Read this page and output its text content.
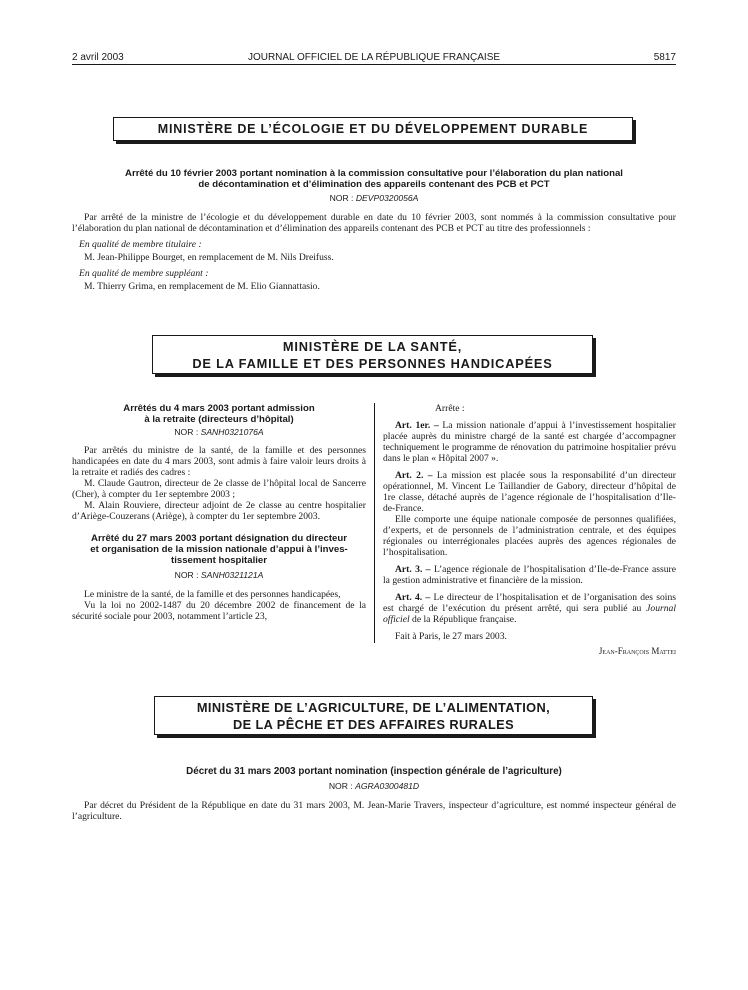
2 avril 2003	JOURNAL OFFICIEL DE LA RÉPUBLIQUE FRANÇAISE	5817
MINISTÈRE DE L’ÉCOLOGIE ET DU DÉVELOPPEMENT DURABLE
Arrêté du 10 février 2003 portant nomination à la commission consultative pour l’élaboration du plan national
de décontamination et d’élimination des appareils contenant des PCB et PCT
NOR : DEVP0320056A

Par arrêté de la ministre de l’écologie et du développement durable en date du 10 février 2003, sont nommés à la commission consultative pour l’élaboration du plan national de décontamination et d’élimination des appareils contenant des PCB et PCT au titre des professionnels :

En qualité de membre titulaire :

M. Jean-Philippe Bourget, en remplacement de M. Nils Dreifuss.

En qualité de membre suppléant :

M. Thierry Grima, en remplacement de M. Elio Giannattasio.

MINISTÈRE DE LA SANTÉ,
DE LA FAMILLE ET DES PERSONNES HANDICAPÉES
Arrêtés du 4 mars 2003 portant admission
à la retraite (directeurs d’hôpital)
NOR : SANH0321076A

Par arrêtés du ministre de la santé, de la famille et des personnes handicapées en date du 4 mars 2003, sont admis à faire valoir leurs droits à la retraite et radiés des cadres :

M. Claude Gautron, directeur de 2e classe de l’hôpital local de Sancerre (Cher), à compter du 1er septembre 2003 ;

M. Alain Rouviere, directeur adjoint de 2e classe au centre hospitalier d’Ariège-Couzerans (Ariège), à compter du 1er septembre 2003.

Arrêté du 27 mars 2003 portant désignation du directeur
et organisation de la mission nationale d’appui à l’inves-
tissement hospitalier
NOR : SANH0321121A

Le ministre de la santé, de la famille et des personnes handicapées,

Vu la loi no 2002-1487 du 20 décembre 2002 de financement de la sécurité sociale pour 2003, notamment l’article 23,

Arrête :

Art. 1er. – La mission nationale d’appui à l’investissement hospitalier placée auprès du ministre chargé de la santé est chargée d’accompagner techniquement le programme de rénovation du patrimoine hospitalier prévu dans le plan « Hôpital 2007 ».

Art. 2. – La mission est placée sous la responsabilité d’un directeur opérationnel, M. Vincent Le Taillandier de Gabory, directeur d’hôpital de 1re classe, détaché auprès de l’agence régionale de l’hospitalisation d’Ile-de-France.

Elle comporte une équipe nationale composée de personnes qualifiées, d’experts, et de personnels de l’administration centrale, et des équipes régionales ou interrégionales placées auprès des agences régionales de l’hospitalisation.

Art. 3. – L’agence régionale de l’hospitalisation d’Ile-de-France assure la gestion administrative et financière de la mission.

Art. 4. – Le directeur de l’hospitalisation et de l’organisation des soins est chargé de l’exécution du présent arrêté, qui sera publié au Journal officiel de la République française.

Fait à Paris, le 27 mars 2003.

Jean-François Mattei

MINISTÈRE DE L’AGRICULTURE, DE L’ALIMENTATION,
DE LA PÊCHE ET DES AFFAIRES RURALES
Décret du 31 mars 2003 portant nomination (inspection générale de l’agriculture)
NOR : AGRA0300481D

Par décret du Président de la République en date du 31 mars 2003, M. Jean-Marie Travers, inspecteur d’agriculture, est nommé inspecteur général de l’agriculture.
